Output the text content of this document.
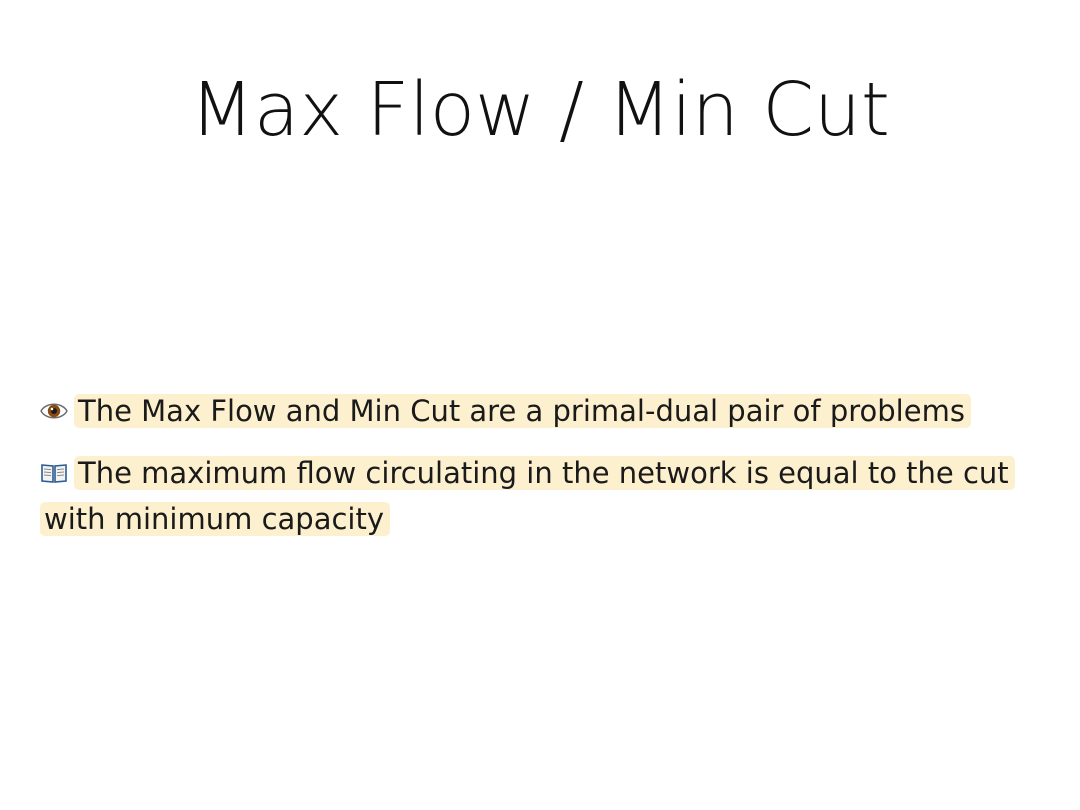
Max Flow / Min Cut

The Max Flow and Min Cut are a primal-dual pair of problems

The maximum flow circulating in the network is equal to the cut with minimum capacity
